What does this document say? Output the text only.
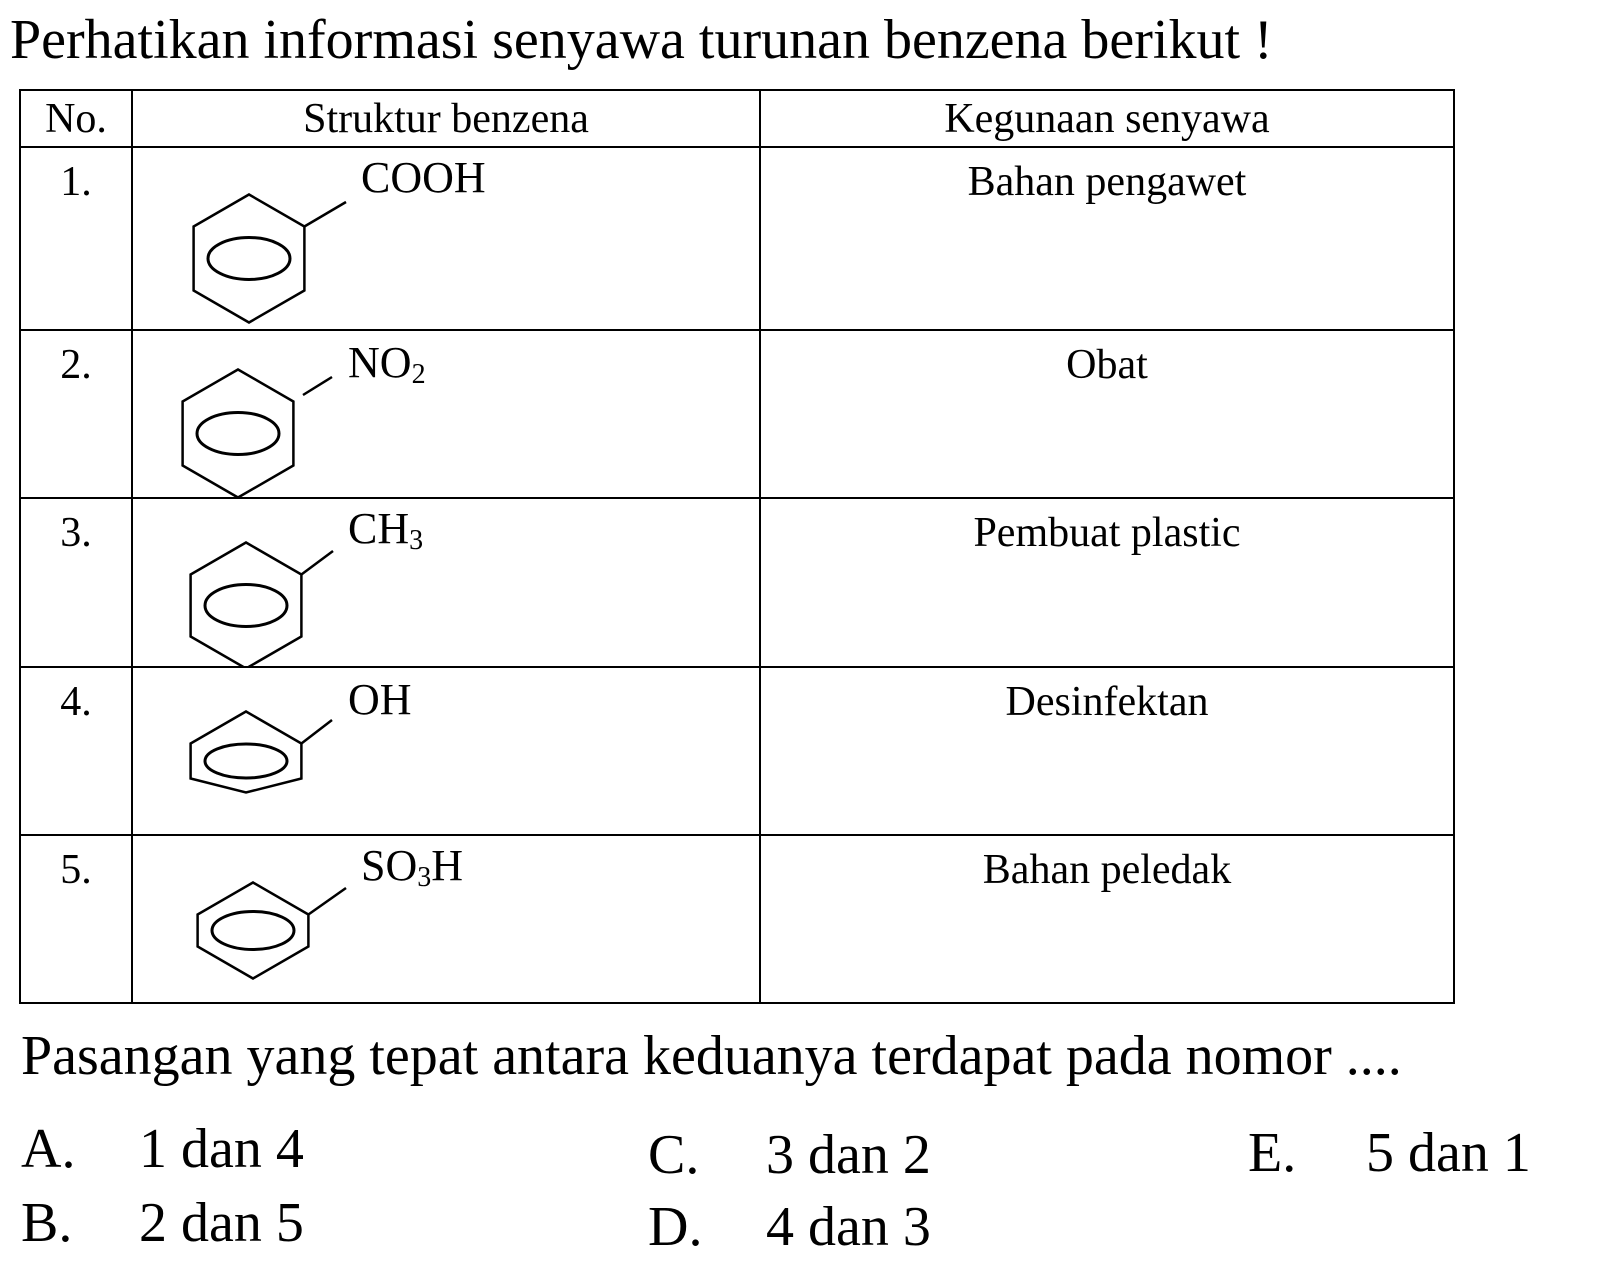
Perhatikan informasi senyawa turunan benzena berikut !
No.	Struktur benzena	Kegunaan senyawa
1.	COOH	Bahan pengawet
2.	$NO_2$	Obat
3.	$CH_3$	Pembuat plastic
4.	OH	Desinfektan
5.	$SO_3H$	Bahan peledak
Pasangan yang tepat antara keduanya terdapat pada nomor ....
A. 1 dan 4
B. 2 dan 5
C. 3 dan 2
D. 4 dan 3
E. 5 dan 1
